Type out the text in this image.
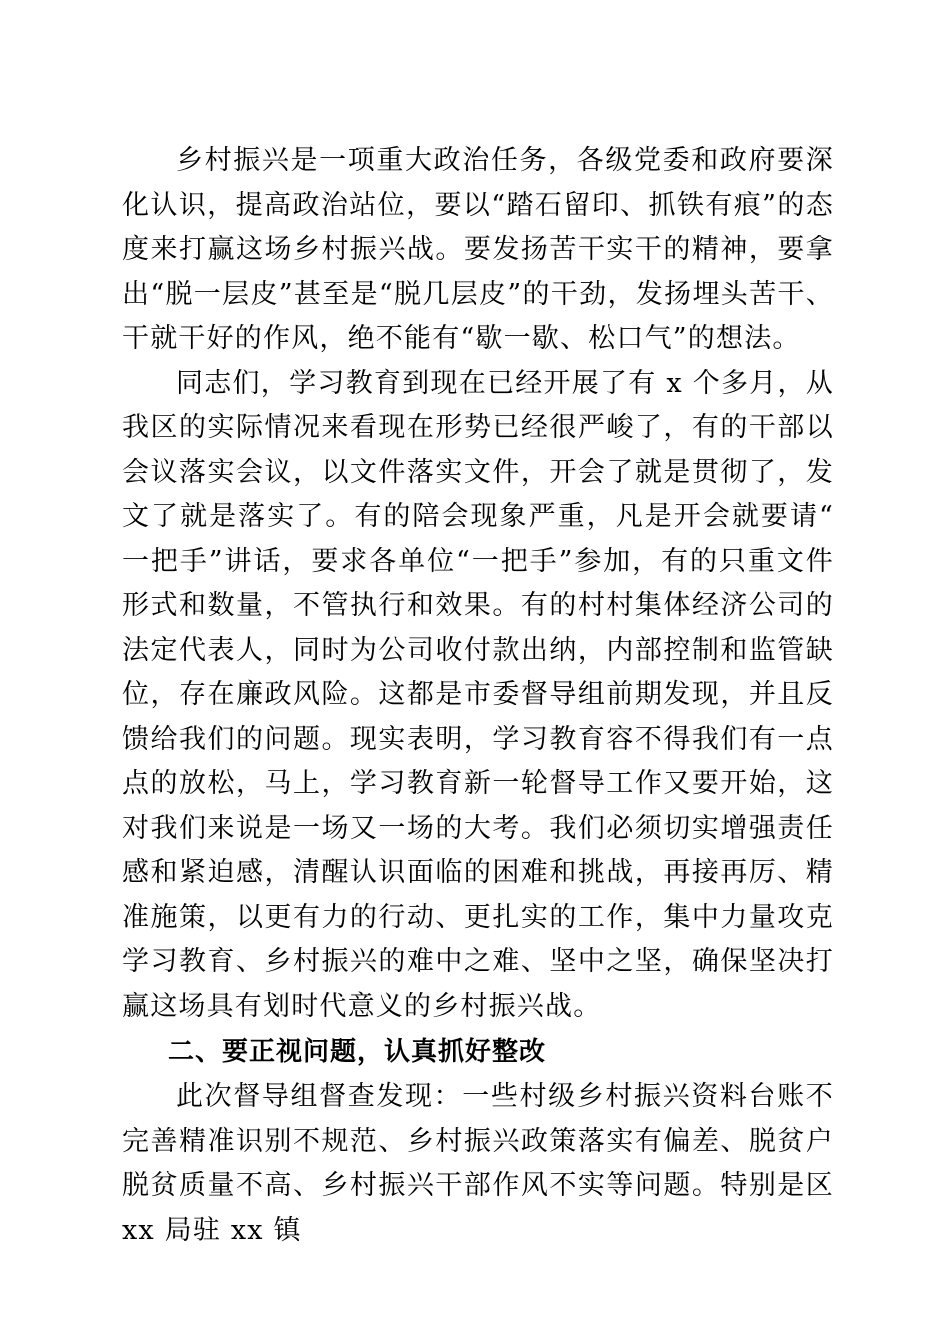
乡村振兴是一项重大政治任务，各级党委和政府要深化认识，提高政治站位，要以“踏石留印、抓铁有痕”的态度来打赢这场乡村振兴战。要发扬苦干实干的精神，要拿出“脱一层皮”甚至是“脱几层皮”的干劲，发扬埋头苦干、干就干好的作风，绝不能有“歇一歇、松口气”的想法。

同志们，学习教育到现在已经开展了有 x 个多月，从我区的实际情况来看现在形势已经很严峻了，有的干部以会议落实会议，以文件落实文件，开会了就是贯彻了，发文了就是落实了。有的陪会现象严重，凡是开会就要请“一把手”讲话，要求各单位“一把手”参加，有的只重文件形式和数量，不管执行和效果。有的村村集体经济公司的法定代表人，同时为公司收付款出纳，内部控制和监管缺位，存在廉政风险。这都是市委督导组前期发现，并且反馈给我们的问题。现实表明，学习教育容不得我们有一点点的放松，马上，学习教育新一轮督导工作又要开始，这对我们来说是一场又一场的大考。我们必须切实增强责任感和紧迫感，清醒认识面临的困难和挑战，再接再厉、精准施策，以更有力的行动、更扎实的工作，集中力量攻克学习教育、乡村振兴的难中之难、坚中之坚，确保坚决打赢这场具有划时代意义的乡村振兴战。

二、要正视问题，认真抓好整改

此次督导组督查发现：一些村级乡村振兴资料台账不完善精准识别不规范、乡村振兴政策落实有偏差、脱贫户脱贫质量不高、乡村振兴干部作风不实等问题。特别是区 xx 局驻 xx 镇
